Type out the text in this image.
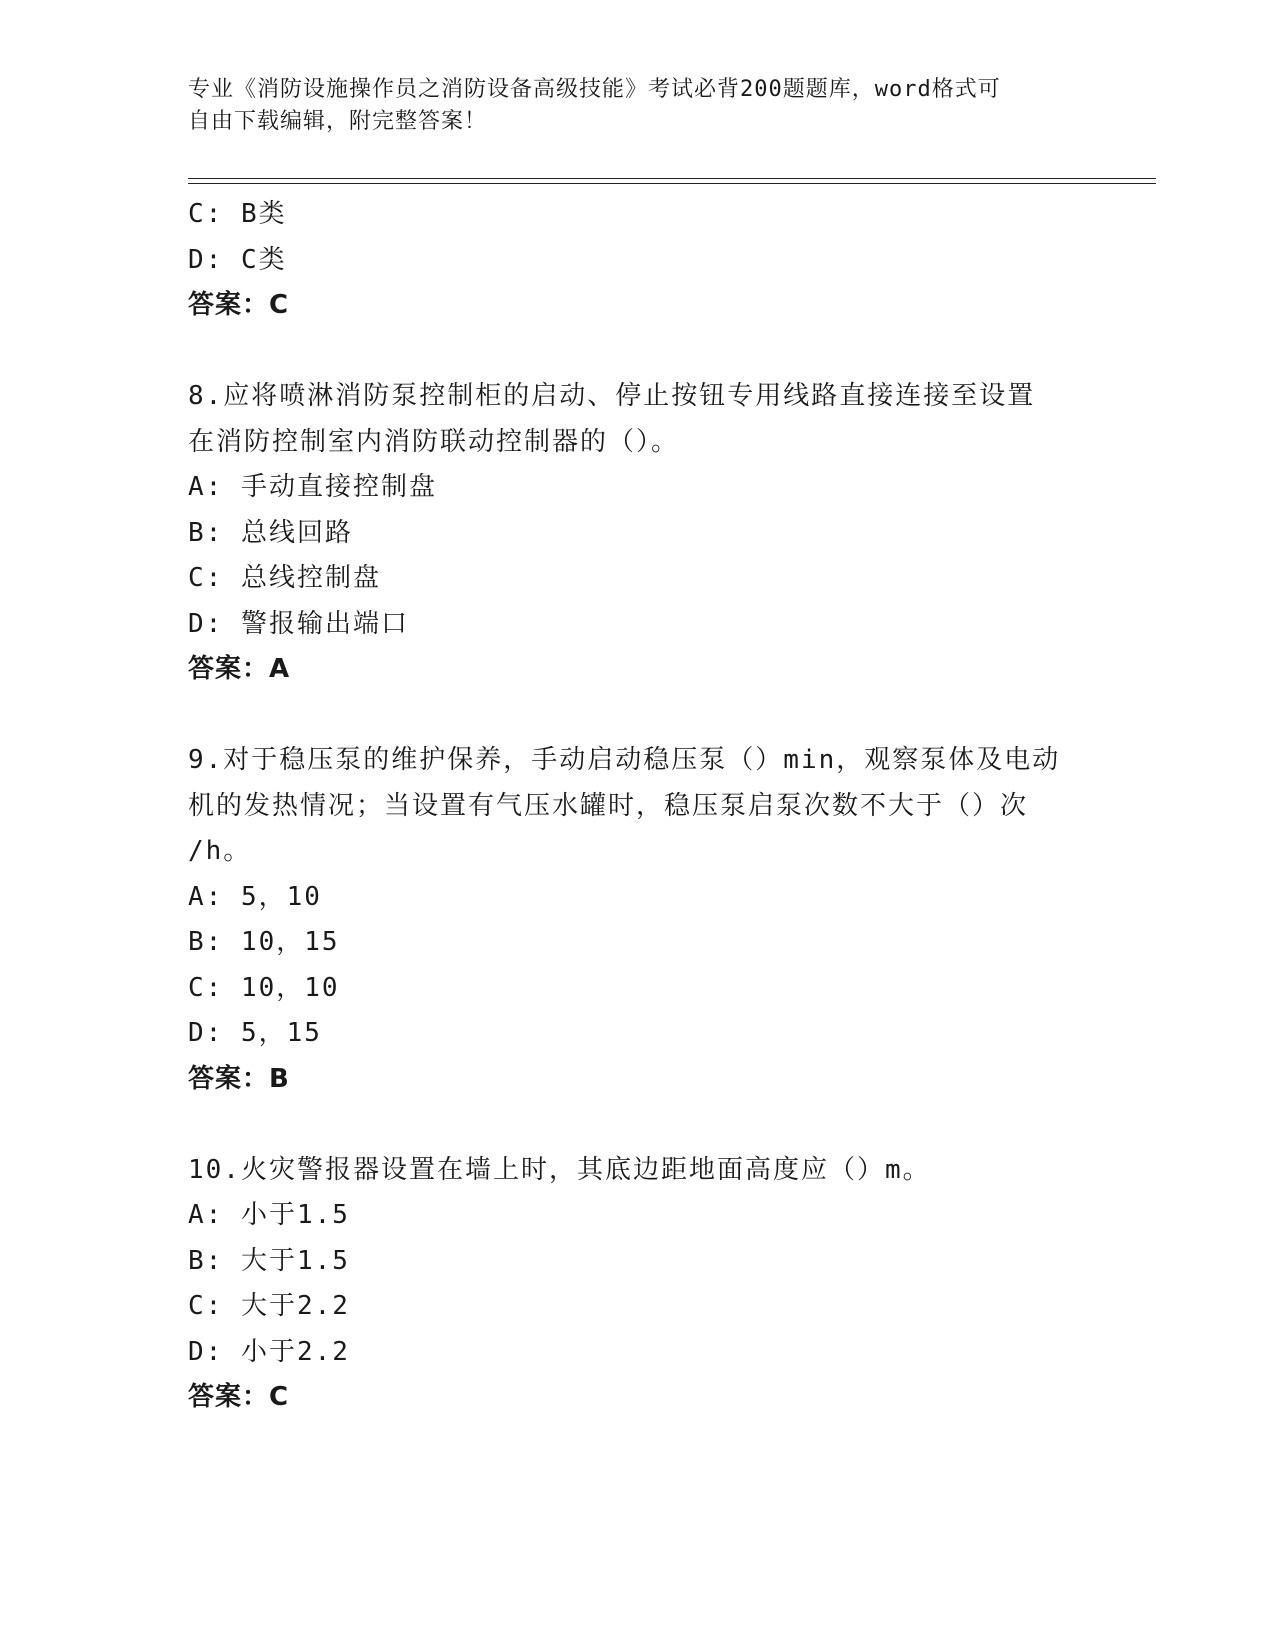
专业《消防设施操作员之消防设备高级技能》考试必背200题题库，word格式可
自由下载编辑，附完整答案！
C: B类
D: C类
答案：C
8.应将喷淋消防泵控制柜的启动、停止按钮专用线路直接连接至设置
在消防控制室内消防联动控制器的（）。
A: 手动直接控制盘
B: 总线回路
C: 总线控制盘
D: 警报输出端口
答案：A
9.对于稳压泵的维护保养，手动启动稳压泵（）min，观察泵体及电动
机的发热情况；当设置有气压水罐时，稳压泵启泵次数不大于（）次
/h。
A: 5，10
B: 10，15
C: 10，10
D: 5，15
答案：B
10.火灾警报器设置在墙上时，其底边距地面高度应（）m。
A: 小于1.5
B: 大于1.5
C: 大于2.2
D: 小于2.2
答案：C
